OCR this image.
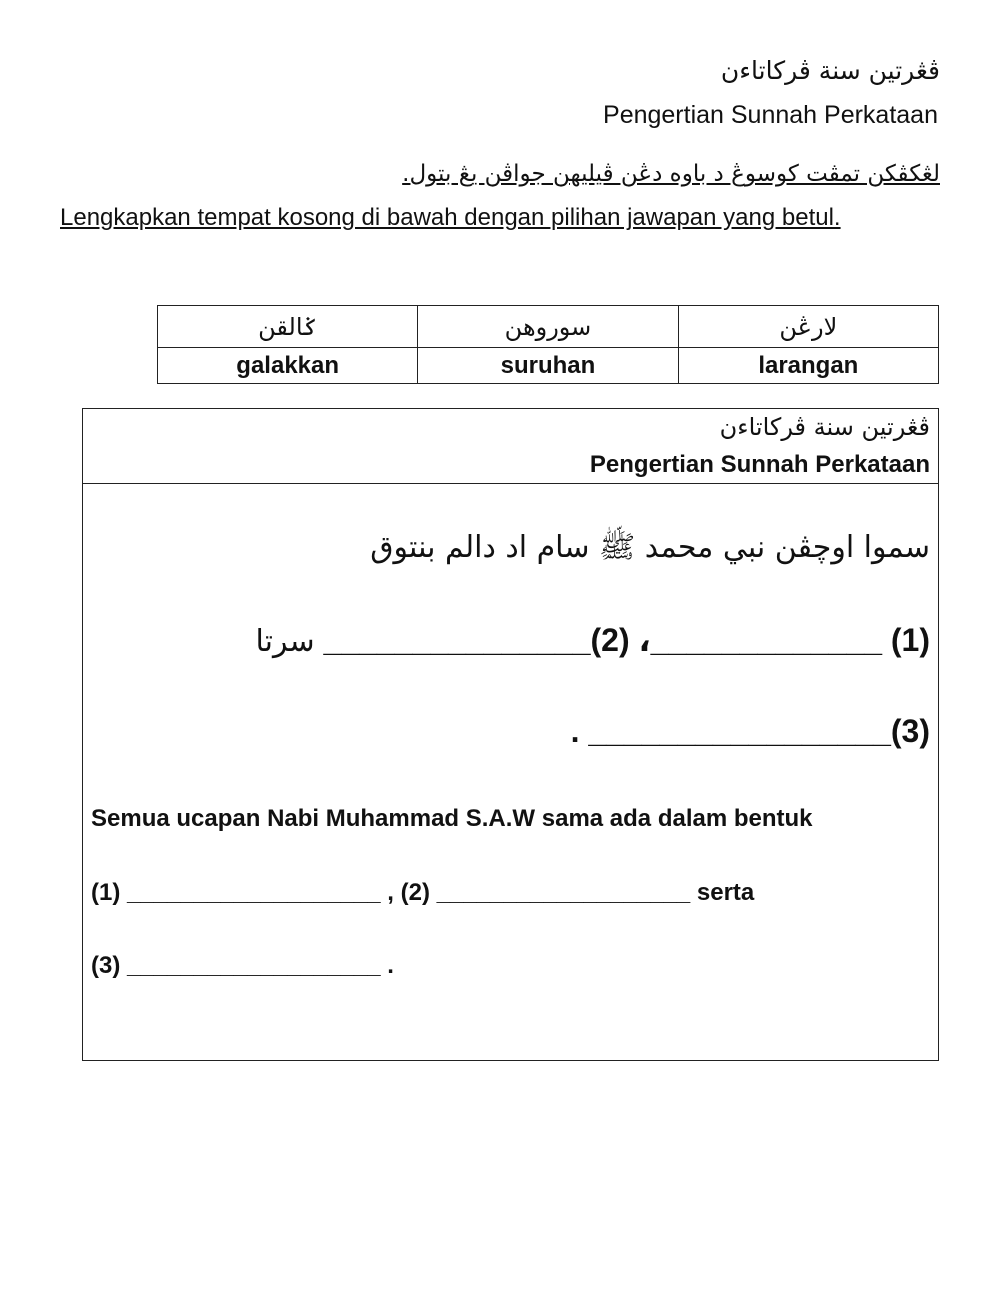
ڤڠرتين سنة ڤرکاتاءن
Pengertian Sunnah Perkataan
لڠکڤکن تمڤت کوسوڠ د باوه دڠن ڤيليهن جواڤن يڠ بتول.
Lengkapkan tempat kosong di bawah dengan pilihan jawapan yang betul.
ݢالقن	سوروهن	لارڠن
galakkan	suruhan	larangan
ڤڠرتين سنة ڤرکاتاءن
Pengertian Sunnah Perkataan
سموا اوچڤن نبي محمد ﷺ سام اد دالم بنتوق
(1) _____________، (2)_______________ سرتا
(3)_________________ .
Semua ucapan Nabi Muhammad S.A.W sama ada dalam bentuk
(1) ___________________ , (2) ___________________ serta
(3) ___________________ .
